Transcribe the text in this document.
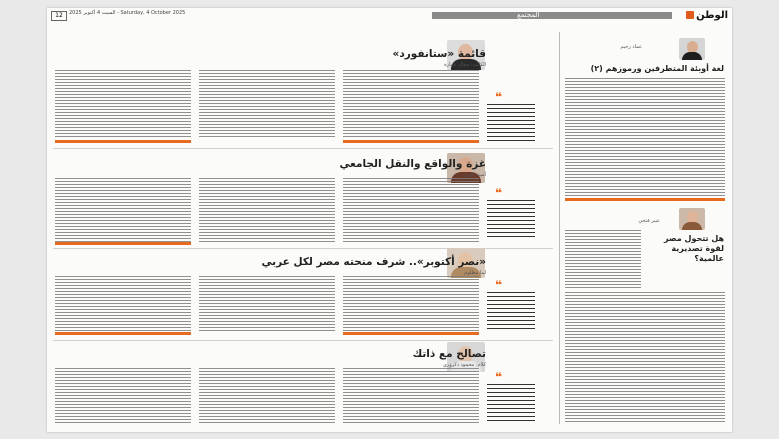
12	السبت 4 أكتوبر 2025 - Saturday, 4 October 2025	المجتمع	الوطن
قائمة «ستانفورد»
الكاتب: جمال عمارة
❝
غزة والواقع والنقل الجامعي
أمينة خيري
❝
«نصر أكتوبر».. شرف منحته مصر لكل عربي
لينا مظلوم
❝
تصالح مع ذاتك
كلام: محمود دكروري
❝
عماد رحيم
لغة أوبئة المتطرفين ورموزهم (٢)
عبير فتحي
هل تتحول مصر لقوة تصديرية عالمية؟
